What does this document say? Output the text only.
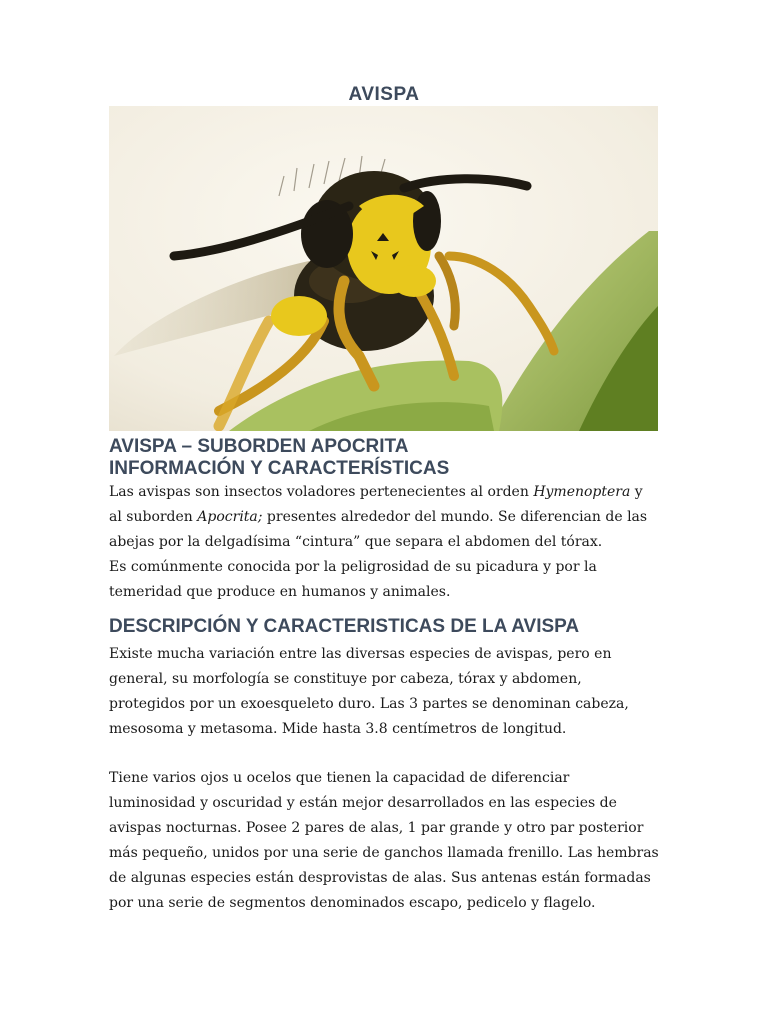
AVISPA
AVISPA – SUBORDEN APOCRITA
INFORMACIÓN Y CARACTERÍSTICAS

Las avispas son insectos voladores pertenecientes al orden Hymenoptera y al suborden Apocrita; presentes alrededor del mundo. Se diferencian de las abejas por la delgadísima “cintura” que separa el abdomen del tórax.

Es comúnmente conocida por la peligrosidad de su picadura y por la temeridad que produce en humanos y animales.

DESCRIPCIÓN Y CARACTERISTICAS DE LA AVISPA

Existe mucha variación entre las diversas especies de avispas, pero en general, su morfología se constituye por cabeza, tórax y abdomen, protegidos por un exoesqueleto duro. Las 3 partes se denominan cabeza, mesosoma y metasoma. Mide hasta 3.8 centímetros de longitud.

Tiene varios ojos u ocelos que tienen la capacidad de diferenciar luminosidad y oscuridad y están mejor desarrollados en las especies de avispas nocturnas. Posee 2 pares de alas, 1 par grande y otro par posterior más pequeño, unidos por una serie de ganchos llamada frenillo. Las hembras de algunas especies están desprovistas de alas. Sus antenas están formadas por una serie de segmentos denominados escapo, pedicelo y flagelo.
